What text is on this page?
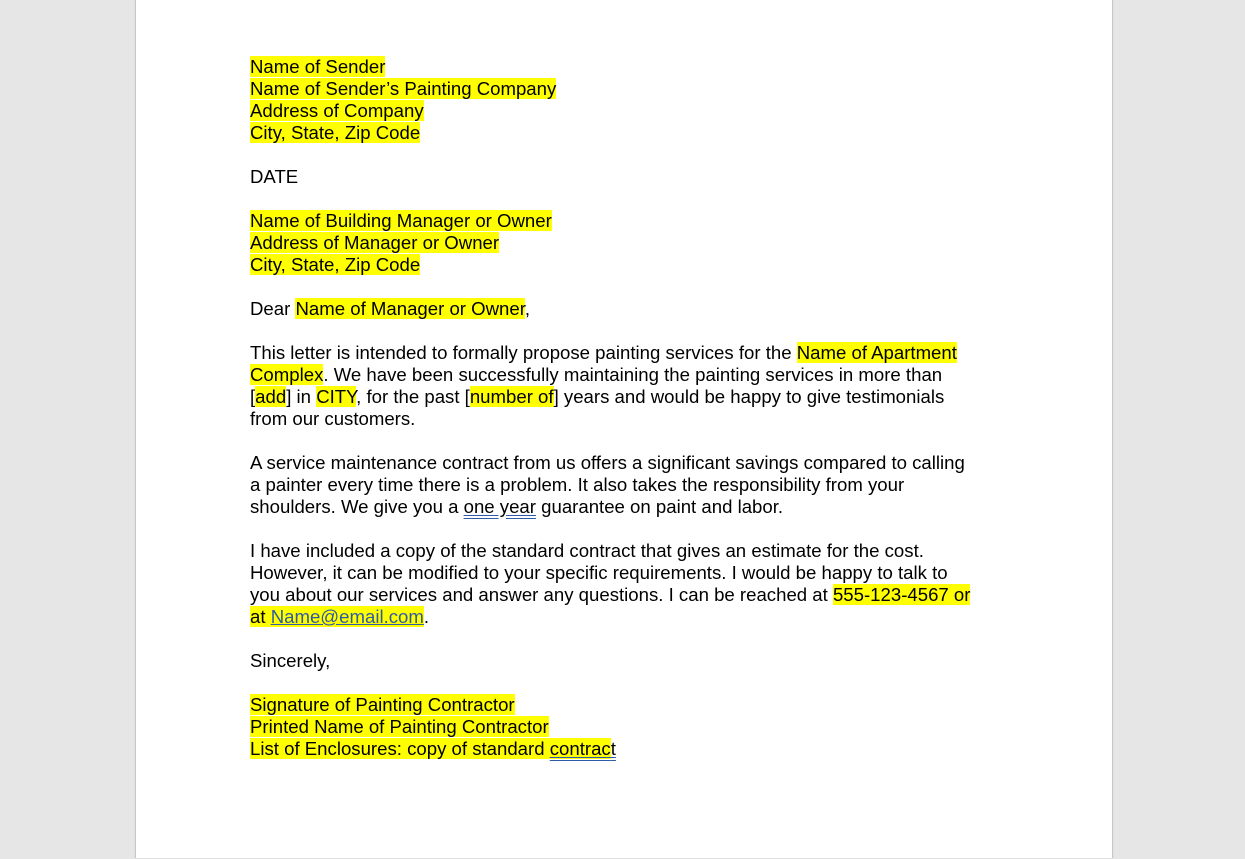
Name of Sender
Name of Sender’s Painting Company
Address of Company
City, State, Zip Code
DATE
Name of Building Manager or Owner
Address of Manager or Owner
City, State, Zip Code
Dear Name of Manager or Owner,
This letter is intended to formally propose painting services for the Name of Apartment
Complex. We have been successfully maintaining the painting services in more than
[add] in CITY, for the past [number of] years and would be happy to give testimonials
from our customers.
A service maintenance contract from us offers a significant savings compared to calling
a painter every time there is a problem. It also takes the responsibility from your
shoulders. We give you a one year guarantee on paint and labor.
I have included a copy of the standard contract that gives an estimate for the cost.
However, it can be modified to your specific requirements. I would be happy to talk to
you about our services and answer any questions. I can be reached at 555-123-4567 or
at Name@email.com.
Sincerely,
Signature of Painting Contractor
Printed Name of Painting Contractor
List of Enclosures: copy of standard contract
